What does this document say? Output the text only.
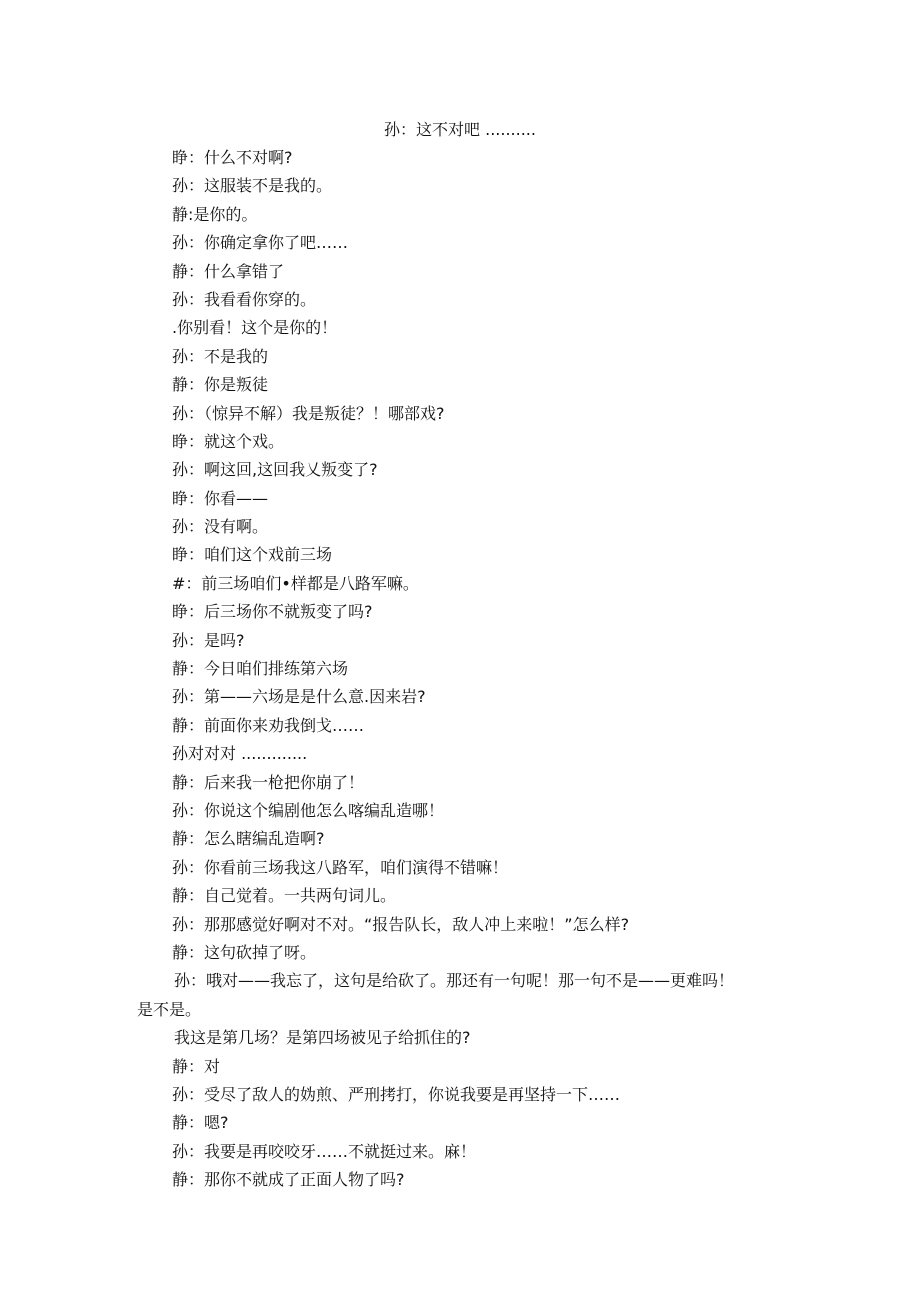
孙：这不对吧 ..........
睁：什么不对啊?
孙：这服装不是我的。
静:是你的。
孙：你确定拿你了吧……
静：什么拿错了
孙：我看看你穿的。
.你别看！这个是你的！
孙：不是我的
静：你是叛徒
孙：（惊异不解）我是叛徒？！哪部戏?
睁：就这个戏。
孙：啊这回,这回我乂叛变了?
睁：你看——
孙：没有啊。
睁：咱们这个戏前三场
#：前三场咱们•样都是八路军嘛。
睁：后三场你不就叛变了吗?
孙：是吗?
静：今日咱们排练第六场
孙：第——六场是是什么意.因来岩?
静：前面你来劝我倒戈……
孙对对对 .............
静：后来我一枪把你崩了！
孙：你说这个编剧他怎么喀编乱造哪！
静：怎么瞎编乱造啊?
孙：你看前三场我这八路军，咱们演得不错嘛！
静：自己觉着。一共两句词儿。
孙：那那感觉好啊对不对。“报告队长，敌人冲上来啦！”怎么样?
静：这句砍掉了呀。
孙：哦对——我忘了，这句是给砍了。那还有一句呢！那一句不是——更难吗！
是不是。
我这是第几场？是第四场被见子给抓住的?
静：对
孙：受尽了敌人的妫煎、严刑拷打，你说我要是再坚持一下……
静：嗯?
孙：我要是再咬咬牙……不就挺过来。麻！
静：那你不就成了正面人物了吗?
